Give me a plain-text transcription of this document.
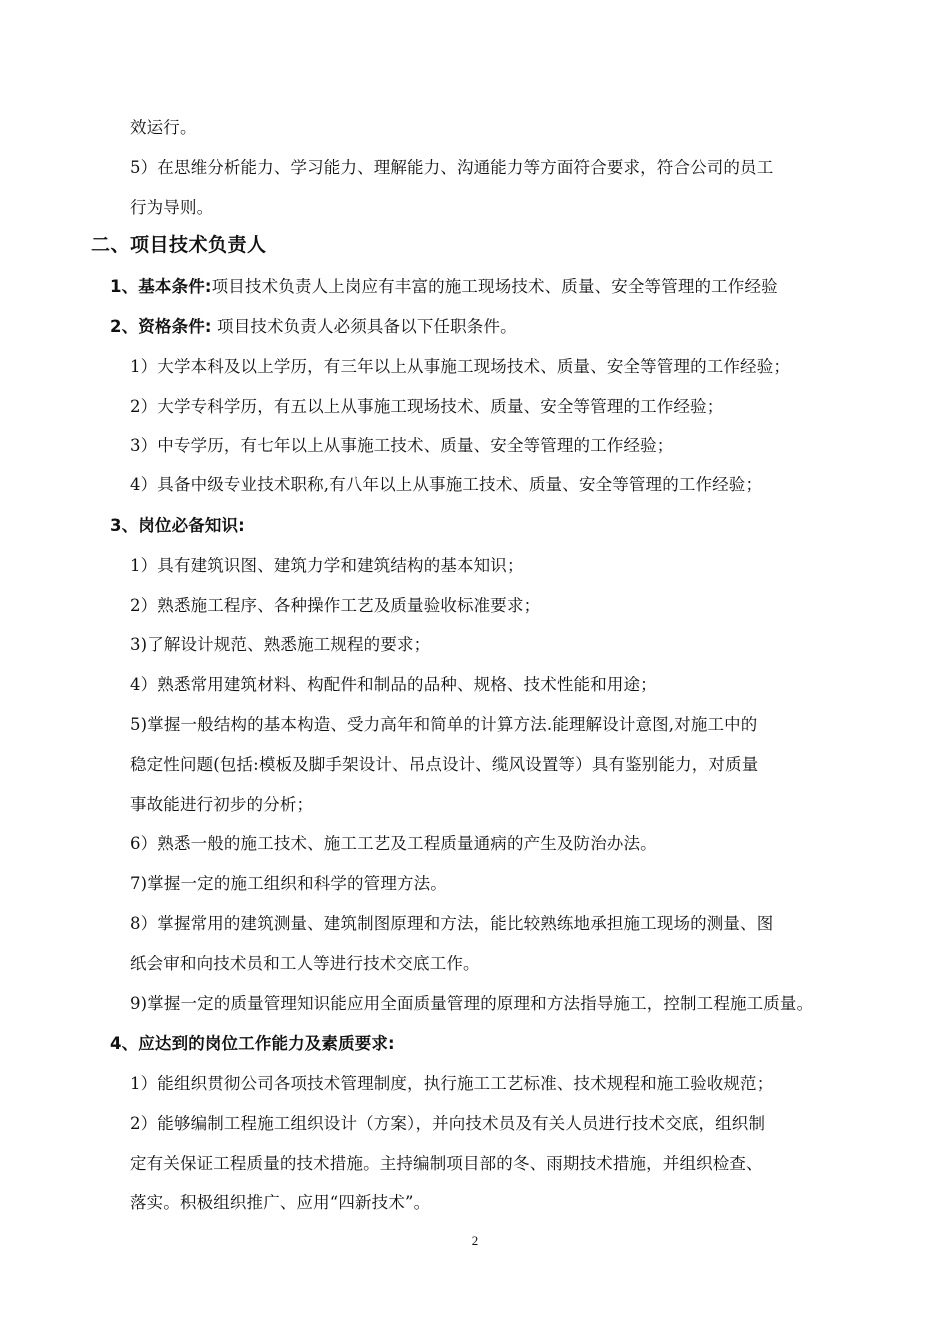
效运行。
5）在思维分析能力、学习能力、理解能力、沟通能力等方面符合要求，符合公司的员工
行为导则。
二、项目技术负责人
1、基本条件:项目技术负责人上岗应有丰富的施工现场技术、质量、安全等管理的工作经验
2、资格条件: 项目技术负责人必须具备以下任职条件。
1）大学本科及以上学历，有三年以上从事施工现场技术、质量、安全等管理的工作经验；
2）大学专科学历，有五以上从事施工现场技术、质量、安全等管理的工作经验；
3）中专学历，有七年以上从事施工技术、质量、安全等管理的工作经验；
4）具备中级专业技术职称,有八年以上从事施工技术、质量、安全等管理的工作经验；
3、岗位必备知识:
1）具有建筑识图、建筑力学和建筑结构的基本知识；
2）熟悉施工程序、各种操作工艺及质量验收标准要求；
3)了解设计规范、熟悉施工规程的要求；
4）熟悉常用建筑材料、构配件和制品的品种、规格、技术性能和用途；
5)掌握一般结构的基本构造、受力高年和简单的计算方法.能理解设计意图,对施工中的
稳定性问题(包括:模板及脚手架设计、吊点设计、缆风设置等）具有鉴别能力，对质量
事故能进行初步的分析；
6）熟悉一般的施工技术、施工工艺及工程质量通病的产生及防治办法。
7)掌握一定的施工组织和科学的管理方法。
8）掌握常用的建筑测量、建筑制图原理和方法，能比较熟练地承担施工现场的测量、图
纸会审和向技术员和工人等进行技术交底工作。
9)掌握一定的质量管理知识能应用全面质量管理的原理和方法指导施工，控制工程施工质量。
4、应达到的岗位工作能力及素质要求:
1）能组织贯彻公司各项技术管理制度，执行施工工艺标准、技术规程和施工验收规范；
2）能够编制工程施工组织设计（方案），并向技术员及有关人员进行技术交底，组织制
定有关保证工程质量的技术措施。主持编制项目部的冬、雨期技术措施，并组织检查、
落实。积极组织推广、应用“四新技术”。
2
